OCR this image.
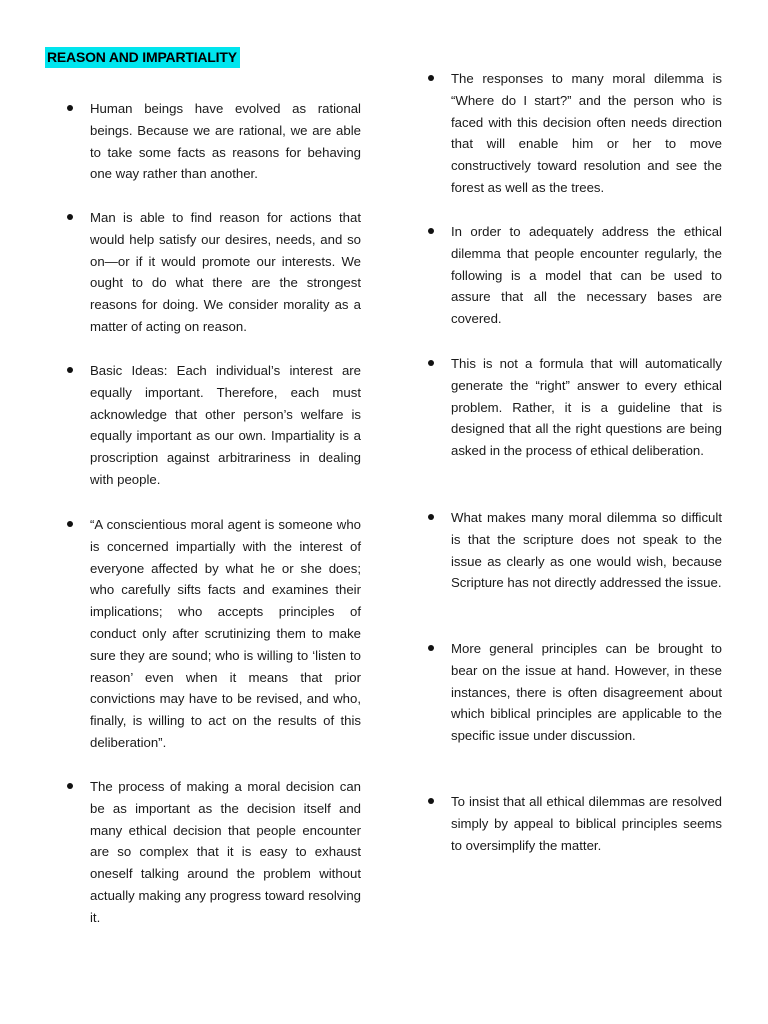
REASON AND IMPARTIALITY
Human beings have evolved as rational beings. Because we are rational, we are able to take some facts as reasons for behaving one way rather than another.
Man is able to find reason for actions that would help satisfy our desires, needs, and so on—or if it would promote our interests. We ought to do what there are the strongest reasons for doing. We consider morality as a matter of acting on reason.
Basic Ideas: Each individual’s interest are equally important. Therefore, each must acknowledge that other person’s welfare is equally important as our own. Impartiality is a proscription against arbitrariness in dealing with people.
“A conscientious moral agent is someone who is concerned impartially with the interest of everyone affected by what he or she does; who carefully sifts facts and examines their implications; who accepts principles of conduct only after scrutinizing them to make sure they are sound; who is willing to ‘listen to reason’ even when it means that prior convictions may have to be revised, and who, finally, is willing to act on the results of this deliberation”.
The process of making a moral decision can be as important as the decision itself and many ethical decision that people encounter are so complex that it is easy to exhaust oneself talking around the problem without actually making any progress toward resolving it.
The responses to many moral dilemma is “Where do I start?” and the person who is faced with this decision often needs direction that will enable him or her to move constructively toward resolution and see the forest as well as the trees.
In order to adequately address the ethical dilemma that people encounter regularly, the following is a model that can be used to assure that all the necessary bases are covered.
This is not a formula that will automatically generate the “right” answer to every ethical problem. Rather, it is a guideline that is designed that all the right questions are being asked in the process of ethical deliberation.
What makes many moral dilemma so difficult is that the scripture does not speak to the issue as clearly as one would wish, because Scripture has not directly addressed the issue.
More general principles can be brought to bear on the issue at hand. However, in these instances, there is often disagreement about which biblical principles are applicable to the specific issue under discussion.
To insist that all ethical dilemmas are resolved simply by appeal to biblical principles seems to oversimplify the matter.
